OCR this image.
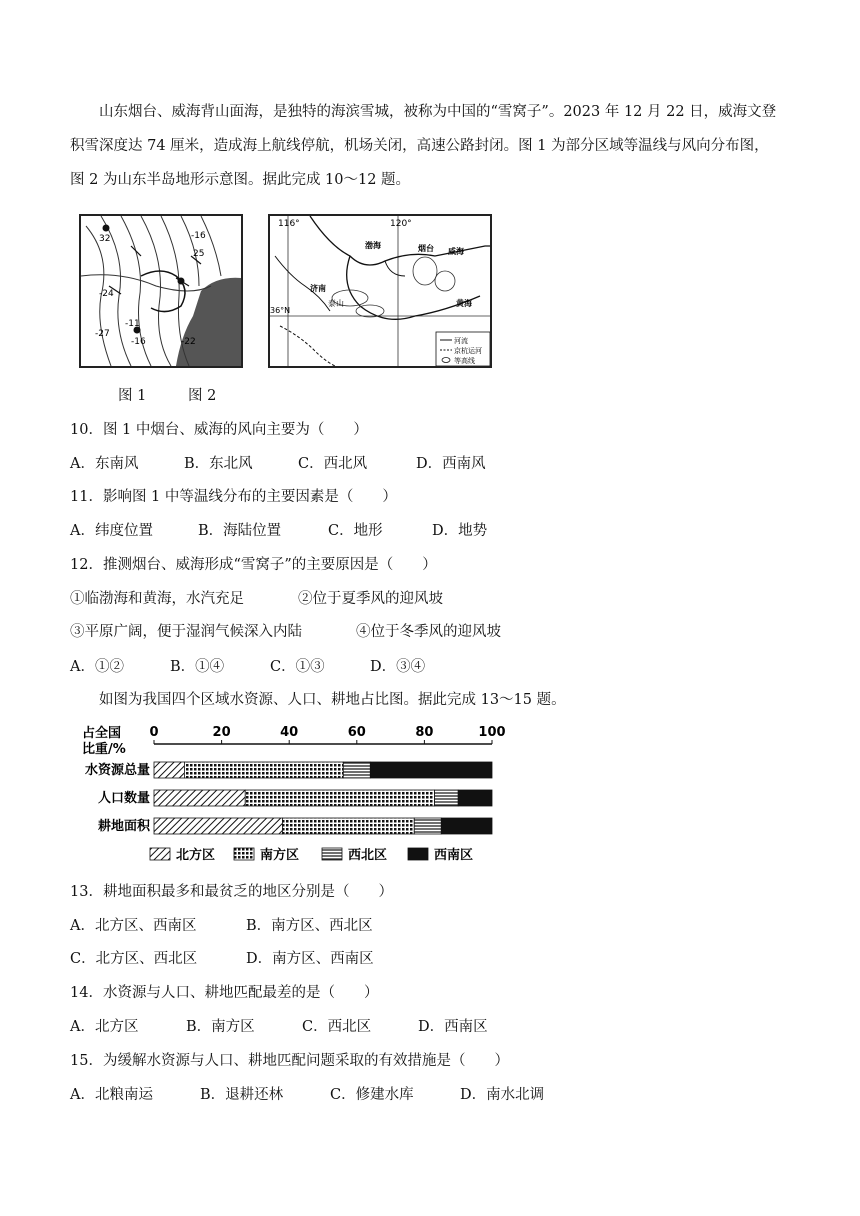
山东烟台、威海背山面海，是独特的海滨雪城，被称为中国的“雪窝子”。2023 年 12 月 22 日，威海文登
积雪深度达 74 厘米，造成海上航线停航，机场关闭，高速公路封闭。图 1 为部分区域等温线与风向分布图，
图 2 为山东半岛地形示意图。据此完成 10～12 题。
32	-16
25
-24
-11
-16
-27
-22
116°	120°
36°N
渤海	烟台 威海
黄海
济南
泰山
河流
京杭运河
等高线
图 1	图 2
10．图 1 中烟台、威海的风向主要为（　　）
A．东南风	B．东北风	C．西北风	D．西南风
11．影响图 1 中等温线分布的主要因素是（　　）
A．纬度位置	B．海陆位置	C．地形	D．地势
12．推测烟台、威海形成“雪窝子”的主要原因是（　　）
①临渤海和黄海，水汽充足	②位于夏季风的迎风坡
③平原广阔，便于湿润气候深入内陆	④位于冬季风的迎风坡
A．①②	B．①④	C．①③	D．③④
如图为我国四个区域水资源、人口、耕地占比图。据此完成 13～15 题。
占全国
比重/%
0	20	40	60	80	100
水资源总量
人口数量
耕地面积
北方区	南方区	西北区	西南区
13．耕地面积最多和最贫乏的地区分别是（　　）
A．北方区、西南区	B．南方区、西北区
C．北方区、西北区	D．南方区、西南区
14．水资源与人口、耕地匹配最差的是（　　）
A．北方区	B．南方区	C．西北区	D．西南区
15．为缓解水资源与人口、耕地匹配问题采取的有效措施是（　　）
A．北粮南运	B．退耕还林	C．修建水库	D．南水北调
